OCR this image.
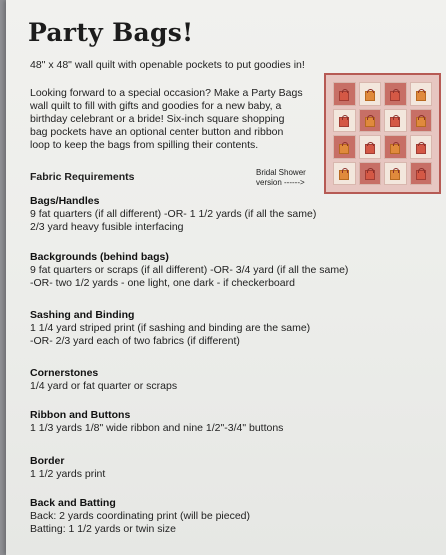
Party Bags!
48" x 48" wall quilt with openable pockets to put goodies in!
Looking forward to a special occasion? Make a Party Bags
wall quilt to fill with gifts and goodies for a new baby, a
birthday celebrant or a bride! Six-inch square shopping
bag pockets have an optional center button and ribbon
loop to keep the bags from spilling their contents.
Fabric Requirements	Bridal Shower
version ------>
Bags/Handles
9 fat quarters (if all different) -OR- 1 1/2 yards (if all the same)
2/3 yard heavy fusible interfacing
Backgrounds (behind bags)
9 fat quarters or scraps (if all different) -OR- 3/4 yard (if all the same)
-OR- two 1/2 yards - one light, one dark - if checkerboard
Sashing and Binding
1 1/4 yard striped print (if sashing and binding are the same)
-OR- 2/3 yard each of two fabrics (if different)
Cornerstones
1/4 yard or fat quarter or scraps
Ribbon and Buttons
1 1/3 yards 1/8" wide ribbon and nine 1/2"-3/4" buttons
Border
1 1/2 yards print
Back and Batting
Back: 2 yards coordinating print (will be pieced)
Batting: 1 1/2 yards or twin size
